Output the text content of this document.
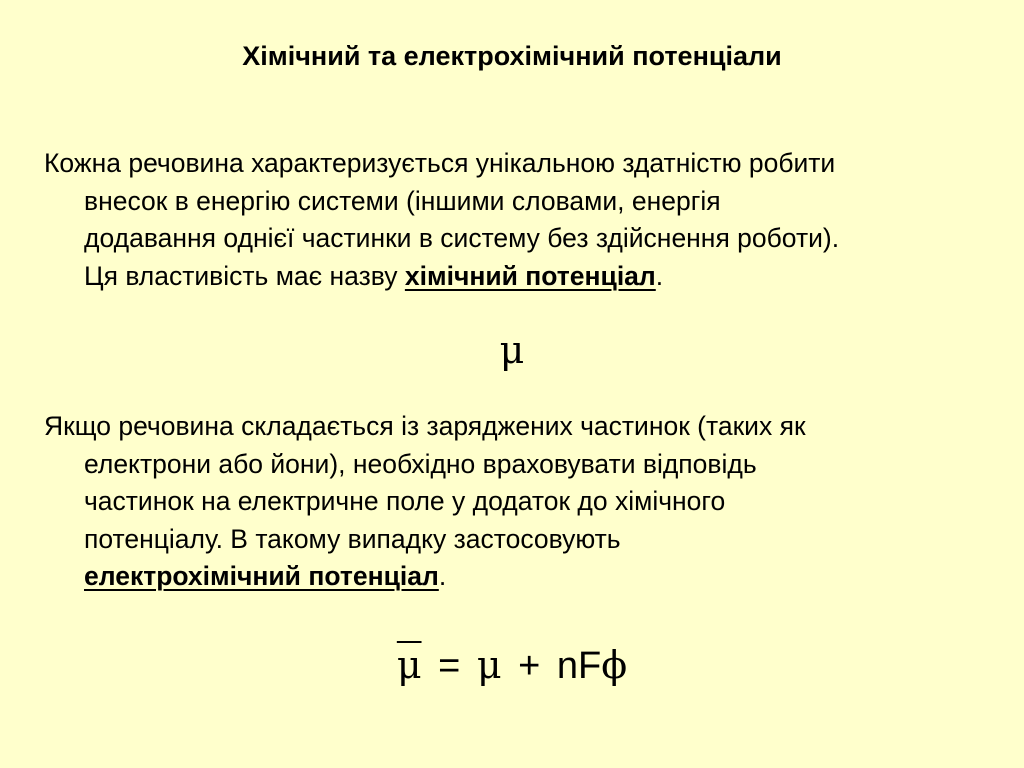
Хімічний та електрохімічний потенціали
Кожна речовина характеризується унікальною здатністю робити
внесок в енергію системи (іншими словами, енергія
додавання однієї частинки в систему без здійснення роботи).
Ця властивість має назву хімічний потенціал.
μ
Якщо речовина складається із заряджених частинок (таких як
електрони або йони), необхідно враховувати відповідь
частинок на електричне поле у додаток до хімічного
потенціалу. В такому випадку застосовують
електрохімічний потенціал.
$\overline{\mu} = \mu + nF\phi$
